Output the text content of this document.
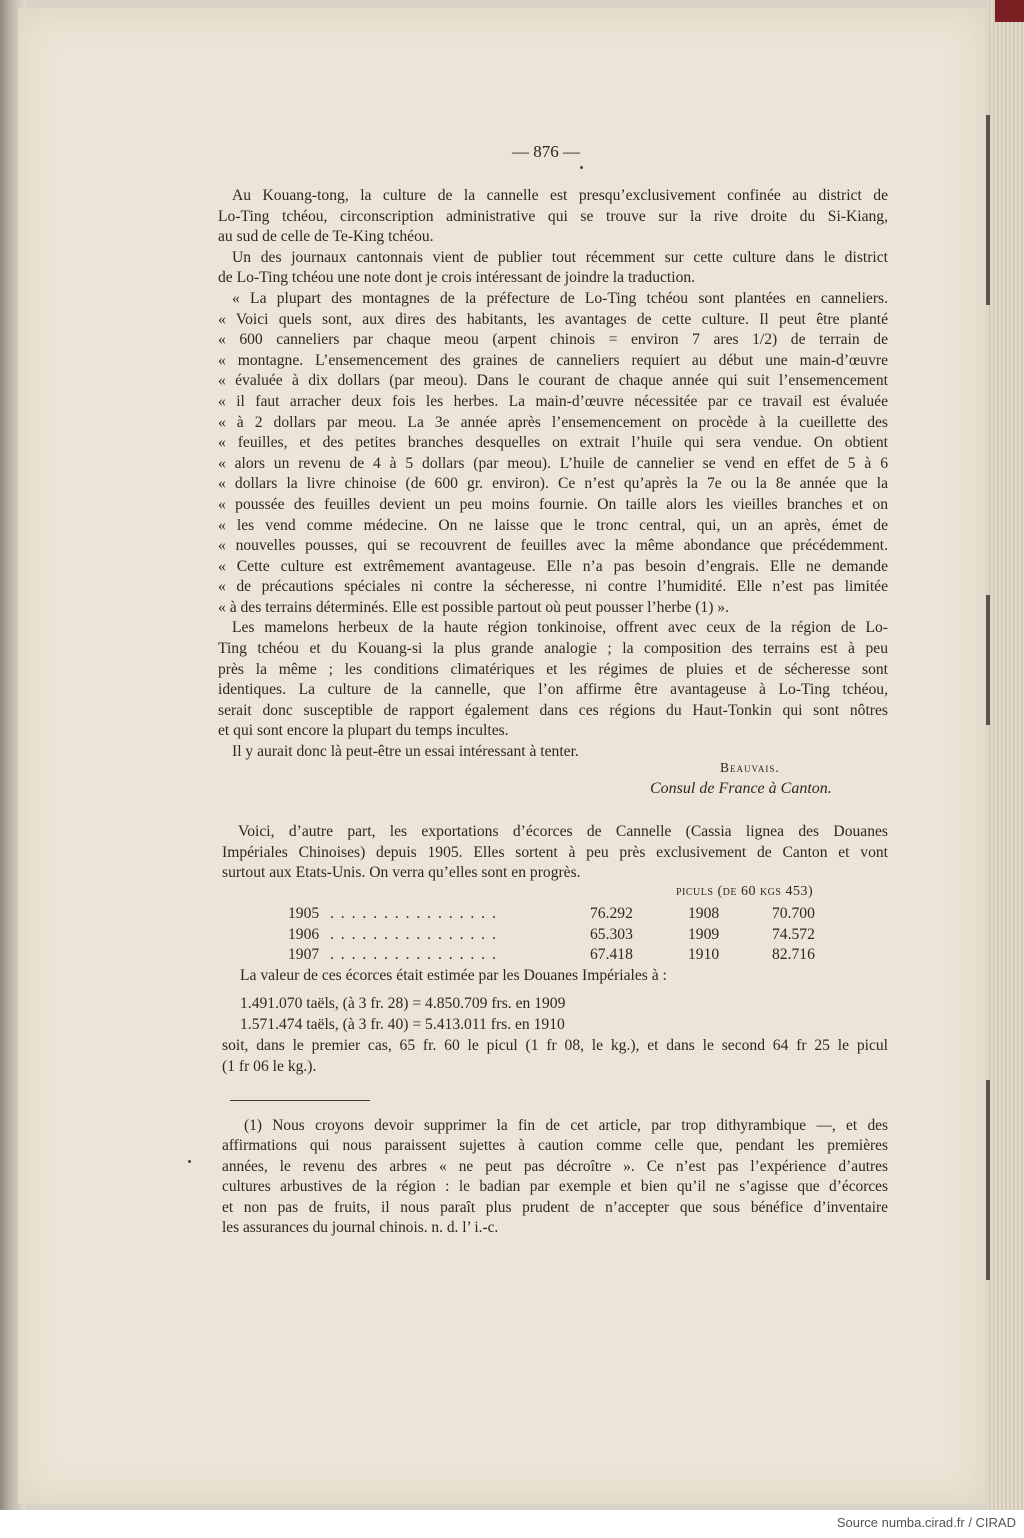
— 876 —
Au Kouang-tong, la culture de la cannelle est presqu’exclusivement confinée au district de
Lo-Ting tchéou, circonscription administrative qui se trouve sur la rive droite du Si-Kiang,
au sud de celle de Te-King tchéou.
Un des journaux cantonnais vient de publier tout récemment sur cette culture dans le district
de Lo-Ting tchéou une note dont je crois intéressant de joindre la traduction.
« La plupart des montagnes de la préfecture de Lo-Ting tchéou sont plantées en canneliers.
« Voici quels sont, aux dires des habitants, les avantages de cette culture. Il peut être planté
« 600 canneliers par chaque meou (arpent chinois = environ 7 ares 1/2) de terrain de
« montagne. L’ensemencement des graines de canneliers requiert au début une main-d’œuvre
« évaluée à dix dollars (par meou). Dans le courant de chaque année qui suit l’ensemencement
« il faut arracher deux fois les herbes. La main-d’œuvre nécessitée par ce travail est évaluée
« à 2 dollars par meou. La 3e année après l’ensemencement on procède à la cueillette des
« feuilles, et des petites branches desquelles on extrait l’huile qui sera vendue. On obtient
« alors un revenu de 4 à 5 dollars (par meou). L’huile de cannelier se vend en effet de 5 à 6
« dollars la livre chinoise (de 600 gr. environ). Ce n’est qu’après la 7e ou la 8e année que la
« poussée des feuilles devient un peu moins fournie. On taille alors les vieilles branches et on
« les vend comme médecine. On ne laisse que le tronc central, qui, un an après, émet de
« nouvelles pousses, qui se recouvrent de feuilles avec la même abondance que précédemment.
« Cette culture est extrêmement avantageuse. Elle n’a pas besoin d’engrais. Elle ne demande
« de précautions spéciales ni contre la sécheresse, ni contre l’humidité. Elle n’est pas limitée
« à des terrains déterminés. Elle est possible partout où peut pousser l’herbe (1) ».
Les mamelons herbeux de la haute région tonkinoise, offrent avec ceux de la région de Lo-
Ting tchéou et du Kouang-si la plus grande analogie ; la composition des terrains est à peu
près la même ; les conditions climatériques et les régimes de pluies et de sécheresse sont
identiques. La culture de la cannelle, que l’on affirme être avantageuse à Lo-Ting tchéou,
serait donc susceptible de rapport également dans ces régions du Haut-Tonkin qui sont nôtres
et qui sont encore la plupart du temps incultes.
Il y aurait donc là peut-être un essai intéressant à tenter.
Beauvais.
Consul de France à Canton.
Voici, d’autre part, les exportations d’écorces de Cannelle (Cassia lignea des Douanes
Impériales Chinoises) depuis 1905. Elles sortent à peu près exclusivement de Canton et vont
surtout aux Etats-Unis. On verra qu’elles sont en progrès.
piculs (de 60 kgs 453)
1905 . . . . . . . . . . . . . . . .	76.292	1908	70.700
1906 . . . . . . . . . . . . . . . .	65.303	1909	74.572
1907 . . . . . . . . . . . . . . . .	67.418	1910	82.716
La valeur de ces écorces était estimée par les Douanes Impériales à :
1.491.070 taëls, (à 3 fr. 28) = 4.850.709 frs. en 1909
1.571.474 taëls, (à 3 fr. 40) = 5.413.011 frs. en 1910
soit, dans le premier cas, 65 fr. 60 le picul (1 fr 08, le kg.), et dans le second 64 fr 25 le picul
(1 fr 06 le kg.).
(1) Nous croyons devoir supprimer la fin de cet article, par trop dithyrambique —, et des
affirmations qui nous paraissent sujettes à caution comme celle que, pendant les premières
années, le revenu des arbres « ne peut pas décroître ». Ce n’est pas l’expérience d’autres
cultures arbustives de la région : le badian par exemple et bien qu’il ne s’agisse que d’écorces
et non pas de fruits, il nous paraît plus prudent de n’accepter que sous bénéfice d’inventaire
les assurances du journal chinois. n. d. l’ i.-c.
Source numba.cirad.fr / CIRAD
